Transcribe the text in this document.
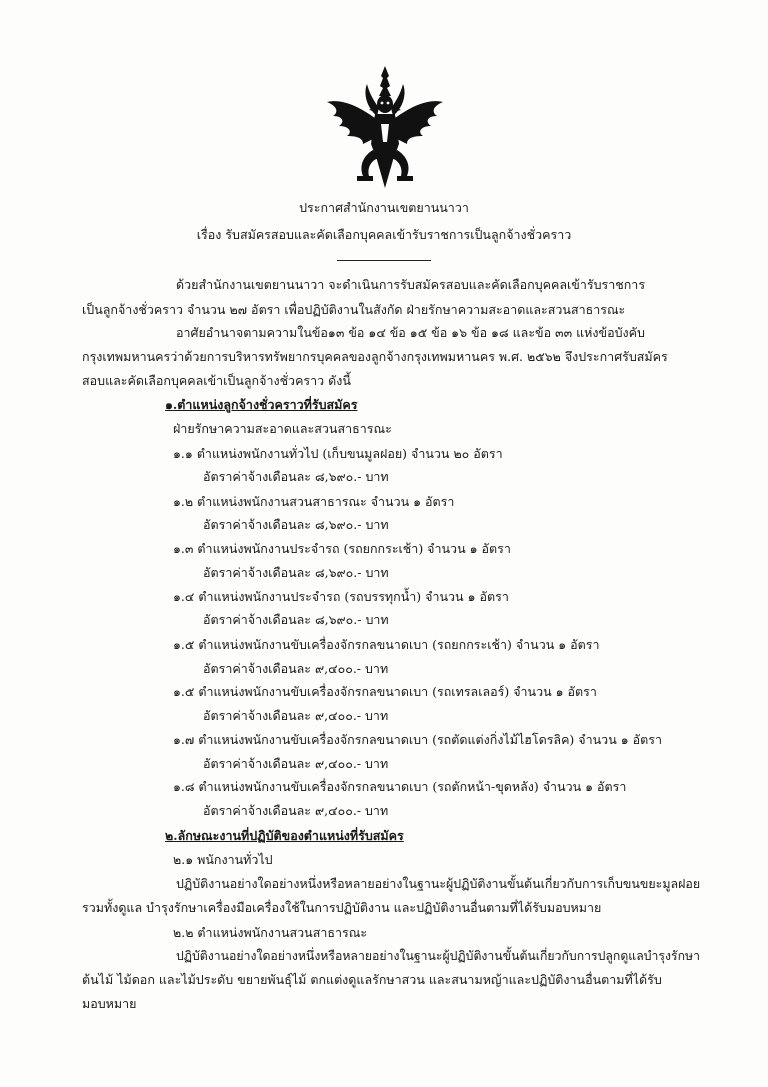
ประกาศสำนักงานเขตยานนาวา
เรื่อง รับสมัครสอบและคัดเลือกบุคคลเข้ารับราชการเป็นลูกจ้างชั่วคราว
ด้วยสำนักงานเขตยานนาวา จะดำเนินการรับสมัครสอบและคัดเลือกบุคคลเข้ารับราชการ
เป็นลูกจ้างชั่วคราว จำนวน ๒๗ อัตรา เพื่อปฏิบัติงานในสังกัด ฝ่ายรักษาความสะอาดและสวนสาธารณะ
อาศัยอำนาจตามความในข้อ๑๓ ข้อ ๑๔ ข้อ ๑๕ ข้อ ๑๖ ข้อ ๑๘ และข้อ ๓๓ แห่งข้อบังคับ
กรุงเทพมหานครว่าด้วยการบริหารทรัพยากรบุคคลของลูกจ้างกรุงเทพมหานคร พ.ศ. ๒๕๖๒ จึงประกาศรับสมัคร
สอบและคัดเลือกบุคคลเข้าเป็นลูกจ้างชั่วคราว ดังนี้
๑.ตำแหน่งลูกจ้างชั่วคราวที่รับสมัคร
ฝ่ายรักษาความสะอาดและสวนสาธารณะ
๑.๑ ตำแหน่งพนักงานทั่วไป (เก็บขนมูลฝอย) จำนวน ๒๐ อัตรา
อัตราค่าจ้างเดือนละ ๘,๖๙๐.- บาท
๑.๒ ตำแหน่งพนักงานสวนสาธารณะ จำนวน ๑ อัตรา
อัตราค่าจ้างเดือนละ ๘,๖๙๐.- บาท
๑.๓ ตำแหน่งพนักงานประจำรถ (รถยกกระเช้า) จำนวน ๑ อัตรา
อัตราค่าจ้างเดือนละ ๘,๖๙๐.- บาท
๑.๔ ตำแหน่งพนักงานประจำรถ (รถบรรทุกน้ำ) จำนวน ๑ อัตรา
อัตราค่าจ้างเดือนละ ๘,๖๙๐.- บาท
๑.๕ ตำแหน่งพนักงานขับเครื่องจักรกลขนาดเบา (รถยกกระเช้า) จำนวน ๑ อัตรา
อัตราค่าจ้างเดือนละ ๙,๔๐๐.- บาท
๑.๕ ตำแหน่งพนักงานขับเครื่องจักรกลขนาดเบา (รถเทรลเลอร์) จำนวน ๑ อัตรา
อัตราค่าจ้างเดือนละ ๙,๔๐๐.- บาท
๑.๗ ตำแหน่งพนักงานขับเครื่องจักรกลขนาดเบา (รถตัดแต่งกิ่งไม้ไฮโดรลิค) จำนวน ๑ อัตรา
อัตราค่าจ้างเดือนละ ๙,๔๐๐.- บาท
๑.๘ ตำแหน่งพนักงานขับเครื่องจักรกลขนาดเบา (รถตักหน้า-ขุดหลัง) จำนวน ๑ อัตรา
อัตราค่าจ้างเดือนละ ๙,๔๐๐.- บาท
๒.ลักษณะงานที่ปฏิบัติของตำแหน่งที่รับสมัคร
๒.๑ พนักงานทั่วไป
ปฏิบัติงานอย่างใดอย่างหนึ่งหรือหลายอย่างในฐานะผู้ปฏิบัติงานขั้นต้นเกี่ยวกับการเก็บขนขยะมูลฝอย
รวมทั้งดูแล บำรุงรักษาเครื่องมือเครื่องใช้ในการปฏิบัติงาน และปฏิบัติงานอื่นตามที่ได้รับมอบหมาย
๒.๒ ตำแหน่งพนักงานสวนสาธารณะ
ปฏิบัติงานอย่างใดอย่างหนึ่งหรือหลายอย่างในฐานะผู้ปฏิบัติงานขั้นต้นเกี่ยวกับการปลูกดูแลบำรุงรักษา
ต้นไม้ ไม้ดอก และไม้ประดับ ขยายพันธุ์ไม้ ตกแต่งดูแลรักษาสวน และสนามหญ้าและปฏิบัติงานอื่นตามที่ได้รับ
มอบหมาย
